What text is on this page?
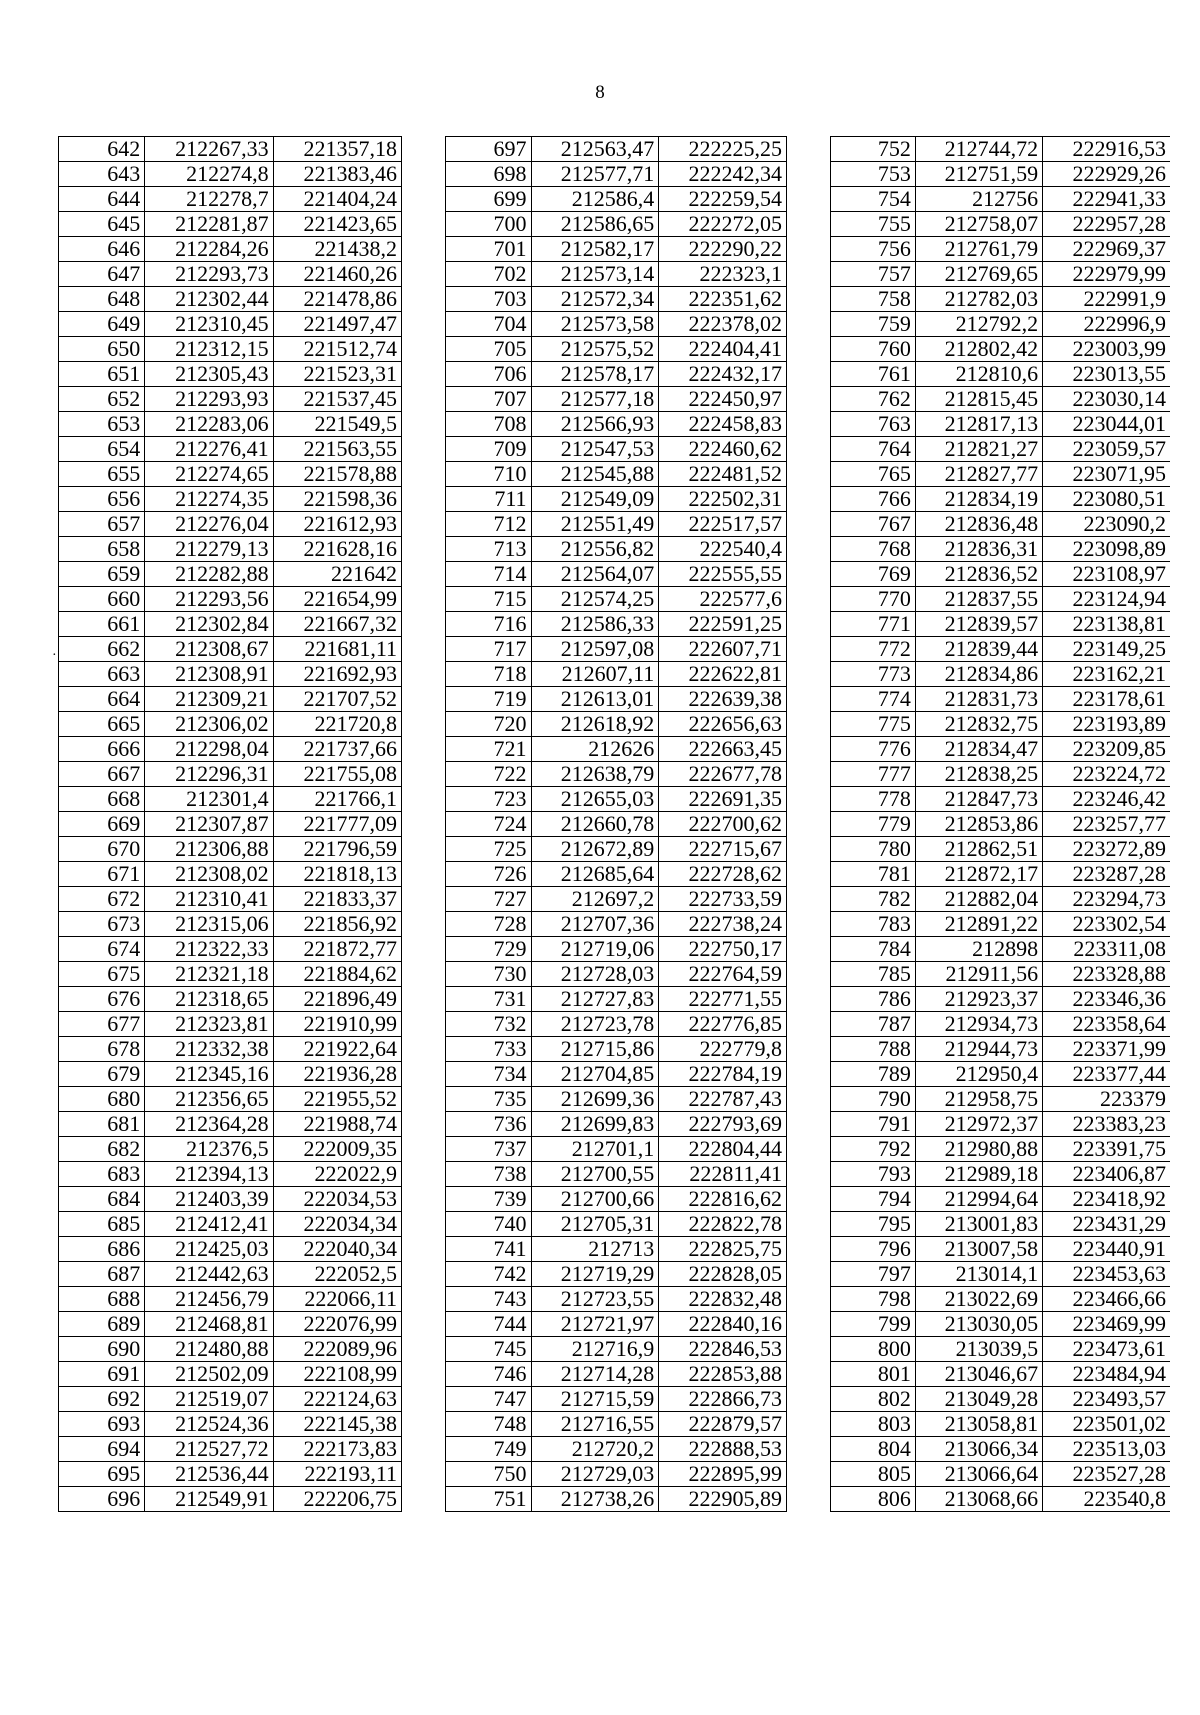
8
·
642	212267,33	221357,18
643	212274,8	221383,46
644	212278,7	221404,24
645	212281,87	221423,65
646	212284,26	221438,2
647	212293,73	221460,26
648	212302,44	221478,86
649	212310,45	221497,47
650	212312,15	221512,74
651	212305,43	221523,31
652	212293,93	221537,45
653	212283,06	221549,5
654	212276,41	221563,55
655	212274,65	221578,88
656	212274,35	221598,36
657	212276,04	221612,93
658	212279,13	221628,16
659	212282,88	221642
660	212293,56	221654,99
661	212302,84	221667,32
662	212308,67	221681,11
663	212308,91	221692,93
664	212309,21	221707,52
665	212306,02	221720,8
666	212298,04	221737,66
667	212296,31	221755,08
668	212301,4	221766,1
669	212307,87	221777,09
670	212306,88	221796,59
671	212308,02	221818,13
672	212310,41	221833,37
673	212315,06	221856,92
674	212322,33	221872,77
675	212321,18	221884,62
676	212318,65	221896,49
677	212323,81	221910,99
678	212332,38	221922,64
679	212345,16	221936,28
680	212356,65	221955,52
681	212364,28	221988,74
682	212376,5	222009,35
683	212394,13	222022,9
684	212403,39	222034,53
685	212412,41	222034,34
686	212425,03	222040,34
687	212442,63	222052,5
688	212456,79	222066,11
689	212468,81	222076,99
690	212480,88	222089,96
691	212502,09	222108,99
692	212519,07	222124,63
693	212524,36	222145,38
694	212527,72	222173,83
695	212536,44	222193,11
696	212549,91	222206,75
697	212563,47	222225,25
698	212577,71	222242,34
699	212586,4	222259,54
700	212586,65	222272,05
701	212582,17	222290,22
702	212573,14	222323,1
703	212572,34	222351,62
704	212573,58	222378,02
705	212575,52	222404,41
706	212578,17	222432,17
707	212577,18	222450,97
708	212566,93	222458,83
709	212547,53	222460,62
710	212545,88	222481,52
711	212549,09	222502,31
712	212551,49	222517,57
713	212556,82	222540,4
714	212564,07	222555,55
715	212574,25	222577,6
716	212586,33	222591,25
717	212597,08	222607,71
718	212607,11	222622,81
719	212613,01	222639,38
720	212618,92	222656,63
721	212626	222663,45
722	212638,79	222677,78
723	212655,03	222691,35
724	212660,78	222700,62
725	212672,89	222715,67
726	212685,64	222728,62
727	212697,2	222733,59
728	212707,36	222738,24
729	212719,06	222750,17
730	212728,03	222764,59
731	212727,83	222771,55
732	212723,78	222776,85
733	212715,86	222779,8
734	212704,85	222784,19
735	212699,36	222787,43
736	212699,83	222793,69
737	212701,1	222804,44
738	212700,55	222811,41
739	212700,66	222816,62
740	212705,31	222822,78
741	212713	222825,75
742	212719,29	222828,05
743	212723,55	222832,48
744	212721,97	222840,16
745	212716,9	222846,53
746	212714,28	222853,88
747	212715,59	222866,73
748	212716,55	222879,57
749	212720,2	222888,53
750	212729,03	222895,99
751	212738,26	222905,89
752	212744,72	222916,53
753	212751,59	222929,26
754	212756	222941,33
755	212758,07	222957,28
756	212761,79	222969,37
757	212769,65	222979,99
758	212782,03	222991,9
759	212792,2	222996,9
760	212802,42	223003,99
761	212810,6	223013,55
762	212815,45	223030,14
763	212817,13	223044,01
764	212821,27	223059,57
765	212827,77	223071,95
766	212834,19	223080,51
767	212836,48	223090,2
768	212836,31	223098,89
769	212836,52	223108,97
770	212837,55	223124,94
771	212839,57	223138,81
772	212839,44	223149,25
773	212834,86	223162,21
774	212831,73	223178,61
775	212832,75	223193,89
776	212834,47	223209,85
777	212838,25	223224,72
778	212847,73	223246,42
779	212853,86	223257,77
780	212862,51	223272,89
781	212872,17	223287,28
782	212882,04	223294,73
783	212891,22	223302,54
784	212898	223311,08
785	212911,56	223328,88
786	212923,37	223346,36
787	212934,73	223358,64
788	212944,73	223371,99
789	212950,4	223377,44
790	212958,75	223379
791	212972,37	223383,23
792	212980,88	223391,75
793	212989,18	223406,87
794	212994,64	223418,92
795	213001,83	223431,29
796	213007,58	223440,91
797	213014,1	223453,63
798	213022,69	223466,66
799	213030,05	223469,99
800	213039,5	223473,61
801	213046,67	223484,94
802	213049,28	223493,57
803	213058,81	223501,02
804	213066,34	223513,03
805	213066,64	223527,28
806	213068,66	223540,8
